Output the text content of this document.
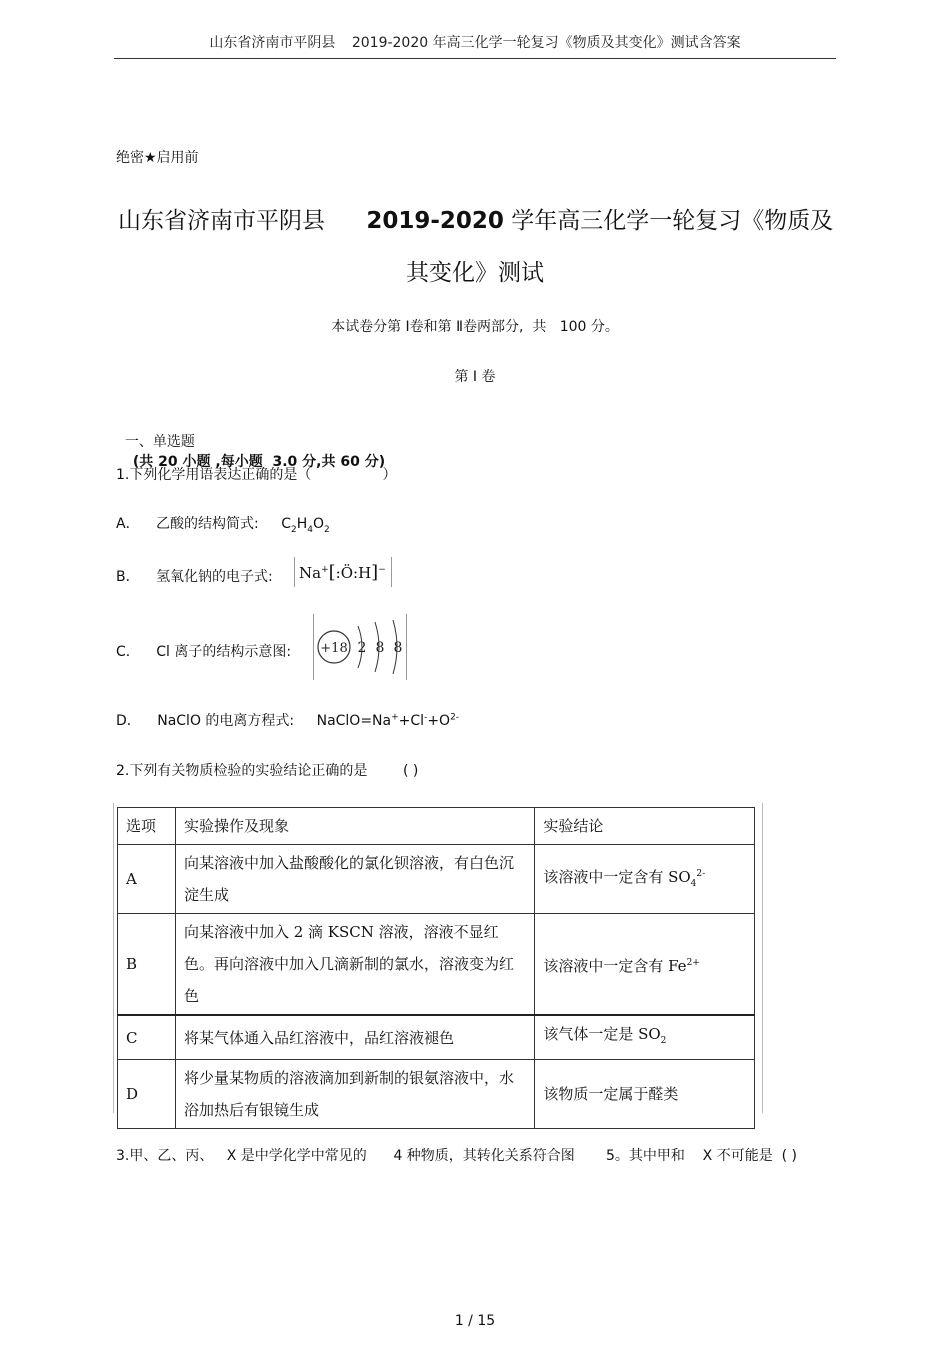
山东省济南市平阴县 2019-2020 年高三化学一轮复习《物质及其变化》测试含答案
绝密★启用前
山东省济南市平阴县 2019-2020 学年高三化学一轮复习《物质及
其变化》测试
本试卷分第 Ⅰ卷和第 Ⅱ卷两部分,  共   100 分。
第 Ⅰ 卷

一、单选题
(共 20 小题 ,每小题  3.0 分,共 60 分)

1.下列化学用语表达正确的是（                ）
A． 乙酸的结构简式: $C_2H_4O_2$
B． 氢氧化钠的电子式: Na+[:Ö:H]−
C． Cl 离子的结构示意图: +18 2 8 8
D． NaClO 的电离方程式: $NaClO=Na^++Cl^-+O^{2-}$
2.下列有关物质检验的实验结论正确的是        ( )
选项	实验操作及现象	实验结论
A	向某溶液中加入盐酸酸化的氯化钡溶液，有白色沉淀生成	该溶液中一定含有 $SO_4^{2-}$
B	向某溶液中加入 2 滴 KSCN 溶液，溶液不显红色。再向溶液中加入几滴新制的氯水，溶液变为红色	该溶液中一定含有 $Fe^{2+}$
C	将某气体通入品红溶液中，品红溶液褪色	该气体一定是 $SO_2$
D	将少量某物质的溶液滴加到新制的银氨溶液中，水浴加热后有银镜生成	该物质一定属于醛类
3.甲、乙、丙、   X 是中学化学中常见的      4 种物质，其转化关系符合图       5。其中甲和    X 不可能是  ( )
1 / 15
